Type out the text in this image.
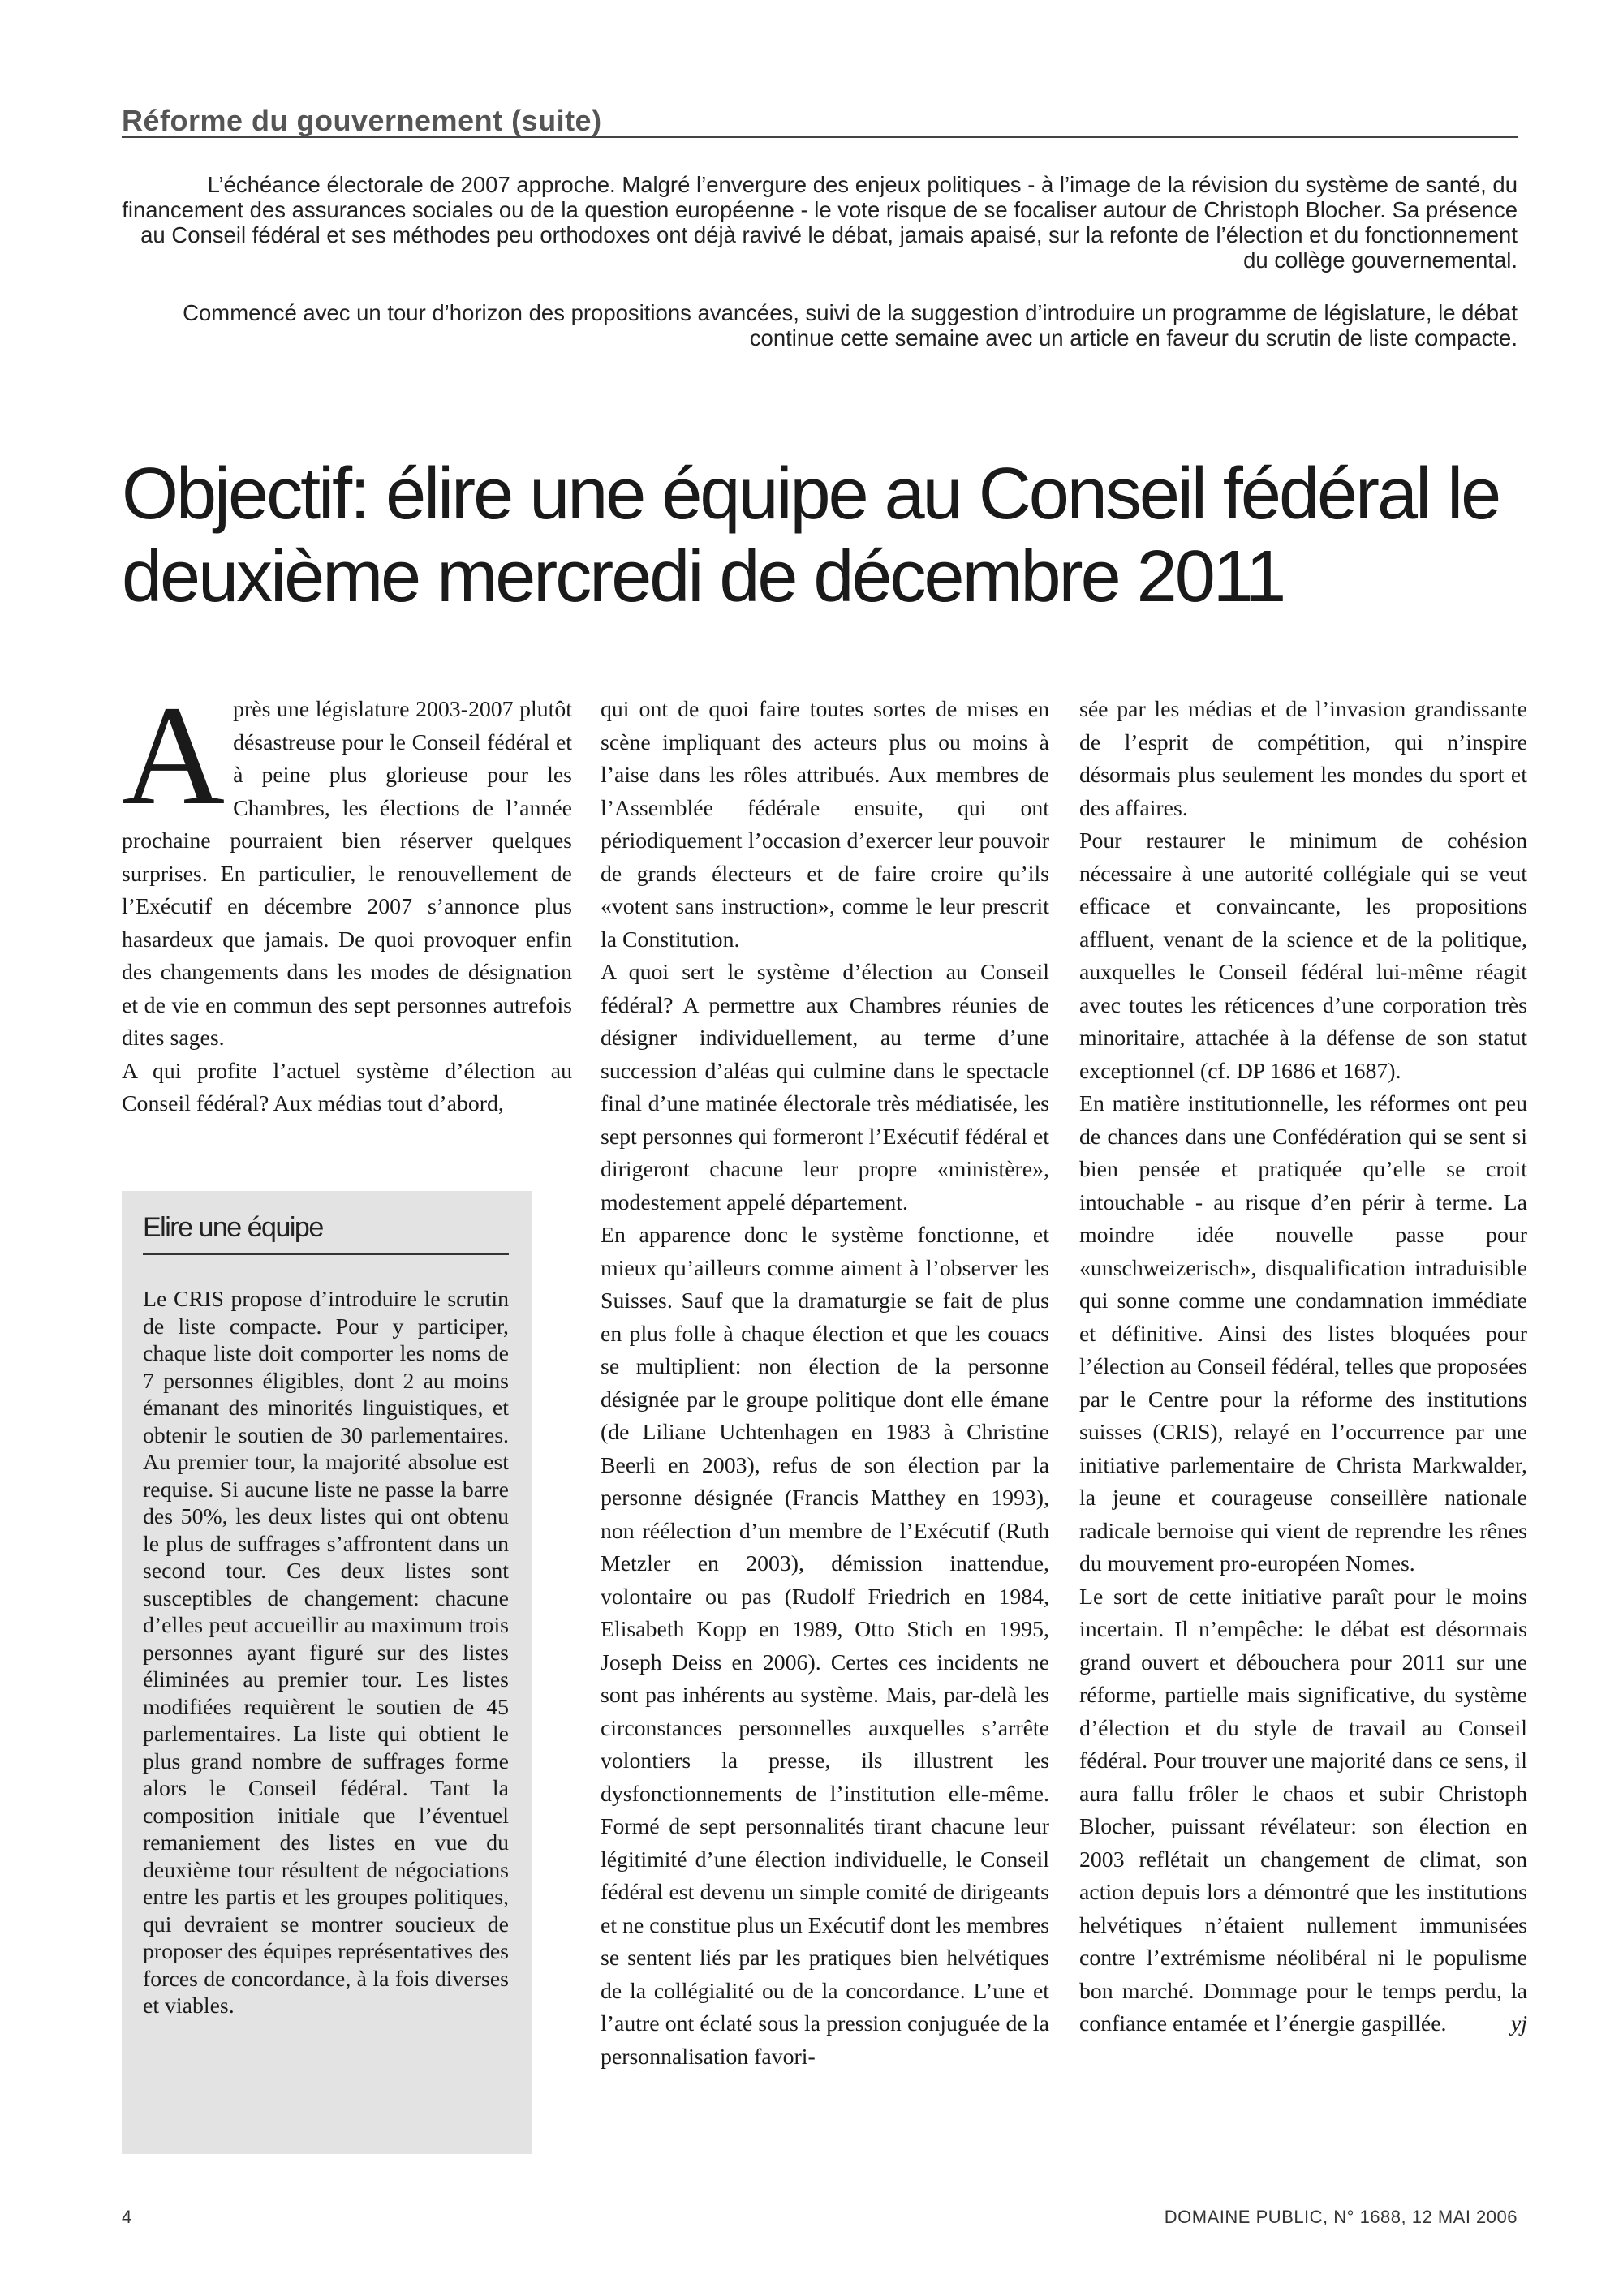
Réforme du gouvernement (suite)

L’échéance électorale de 2007 approche. Malgré l’envergure des enjeux politiques - à l’image de la révision du système de santé, du financement des assurances sociales ou de la question européenne - le vote risque de se focaliser autour de Christoph Blocher. Sa présence au Conseil fédéral et ses méthodes peu orthodoxes ont déjà ravivé le débat, jamais apaisé, sur la refonte de l’élection et du fonctionnement du collège gouvernemental.

Commencé avec un tour d’horizon des propositions avancées, suivi de la suggestion d’introduire un programme de législature, le débat continue cette semaine avec un article en faveur du scrutin de liste compacte.

Objectif: élire une équipe au Conseil fédéral le deuxième mercredi de décembre 2011
A près une législature 2003-2007 plutôt désastreuse pour le Conseil fédéral et à peine plus glorieuse pour les Chambres, les élections de l’année prochaine pourraient bien réserver quelques surprises. En particulier, le renouvellement de l’Exécutif en décembre 2007 s’annonce plus hasardeux que jamais. De quoi provoquer enfin des changements dans les modes de désignation et de vie en commun des sept personnes autrefois dites sages.

A qui profite l’actuel système d’élection au Conseil fédéral? Aux médias tout d’abord,

Elire une équipe
Le CRIS propose d’introduire le scrutin de liste compacte. Pour y participer, chaque liste doit comporter les noms de 7 personnes éligibles, dont 2 au moins émanant des minorités linguistiques, et obtenir le soutien de 30 parlementaires. Au premier tour, la majorité absolue est requise. Si aucune liste ne passe la barre des 50%, les deux listes qui ont obtenu le plus de suffrages s’affrontent dans un second tour. Ces deux listes sont susceptibles de changement: chacune d’elles peut accueillir au maximum trois personnes ayant figuré sur des listes éliminées au premier tour. Les listes modifiées requièrent le soutien de 45 parlementaires. La liste qui obtient le plus grand nombre de suffrages forme alors le Conseil fédéral. Tant la composition initiale que l’éventuel remaniement des listes en vue du deuxième tour résultent de négociations entre les partis et les groupes politiques, qui devraient se montrer soucieux de proposer des équipes représentatives des forces de concordance, à la fois diverses et viables.

qui ont de quoi faire toutes sortes de mises en scène impliquant des acteurs plus ou moins à l’aise dans les rôles attribués. Aux membres de l’Assemblée fédérale ensuite, qui ont périodiquement l’occasion d’exercer leur pouvoir de grands électeurs et de faire croire qu’ils «votent sans instruction», comme le leur prescrit la Constitution.

A quoi sert le système d’élection au Conseil fédéral? A permettre aux Chambres réunies de désigner individuellement, au terme d’une succession d’aléas qui culmine dans le spectacle final d’une matinée électorale très médiatisée, les sept personnes qui formeront l’Exécutif fédéral et dirigeront chacune leur propre «ministère», modestement appelé département.

En apparence donc le système fonctionne, et mieux qu’ailleurs comme aiment à l’observer les Suisses. Sauf que la dramaturgie se fait de plus en plus folle à chaque élection et que les couacs se multiplient: non élection de la personne désignée par le groupe politique dont elle émane (de Liliane Uchtenhagen en 1983 à Christine Beerli en 2003), refus de son élection par la personne désignée (Francis Matthey en 1993), non réélection d’un membre de l’Exécutif (Ruth Metzler en 2003), démission inattendue, volontaire ou pas (Rudolf Friedrich en 1984, Elisabeth Kopp en 1989, Otto Stich en 1995, Joseph Deiss en 2006). Certes ces incidents ne sont pas inhérents au système. Mais, par-delà les circonstances personnelles auxquelles s’arrête volontiers la presse, ils illustrent les dysfonctionnements de l’institution elle-même. Formé de sept personnalités tirant chacune leur légitimité d’une élection individuelle, le Conseil fédéral est devenu un simple comité de dirigeants et ne constitue plus un Exécutif dont les membres se sentent liés par les pratiques bien helvétiques de la collégialité ou de la concordance. L’une et l’autre ont éclaté sous la pression conjuguée de la personnalisation favori-

sée par les médias et de l’invasion grandissante de l’esprit de compétition, qui n’inspire désormais plus seulement les mondes du sport et des affaires.

Pour restaurer le minimum de cohésion nécessaire à une autorité collégiale qui se veut efficace et convaincante, les propositions affluent, venant de la science et de la politique, auxquelles le Conseil fédéral lui-même réagit avec toutes les réticences d’une corporation très minoritaire, attachée à la défense de son statut exceptionnel (cf. DP 1686 et 1687).

En matière institutionnelle, les réformes ont peu de chances dans une Confédération qui se sent si bien pensée et pratiquée qu’elle se croit intouchable - au risque d’en périr à terme. La moindre idée nouvelle passe pour «unschweizerisch», disqualification intraduisible qui sonne comme une condamnation immédiate et définitive. Ainsi des listes bloquées pour l’élection au Conseil fédéral, telles que proposées par le Centre pour la réforme des institutions suisses (CRIS), relayé en l’occurrence par une initiative parlementaire de Christa Markwalder, la jeune et courageuse conseillère nationale radicale bernoise qui vient de reprendre les rênes du mouvement pro-européen Nomes.

Le sort de cette initiative paraît pour le moins incertain. Il n’empêche: le débat est désormais grand ouvert et débouchera pour 2011 sur une réforme, partielle mais significative, du système d’élection et du style de travail au Conseil fédéral. Pour trouver une majorité dans ce sens, il aura fallu frôler le chaos et subir Christoph Blocher, puissant révélateur: son élection en 2003 reflétait un changement de climat, son action depuis lors a démontré que les institutions helvétiques n’étaient nullement immunisées contre l’extrémisme néolibéral ni le populisme bon marché. Dommage pour le temps perdu, la confiance entamée et l’énergie gaspillée.	yj

4	DOMAINE PUBLIC, N° 1688, 12 MAI 2006
